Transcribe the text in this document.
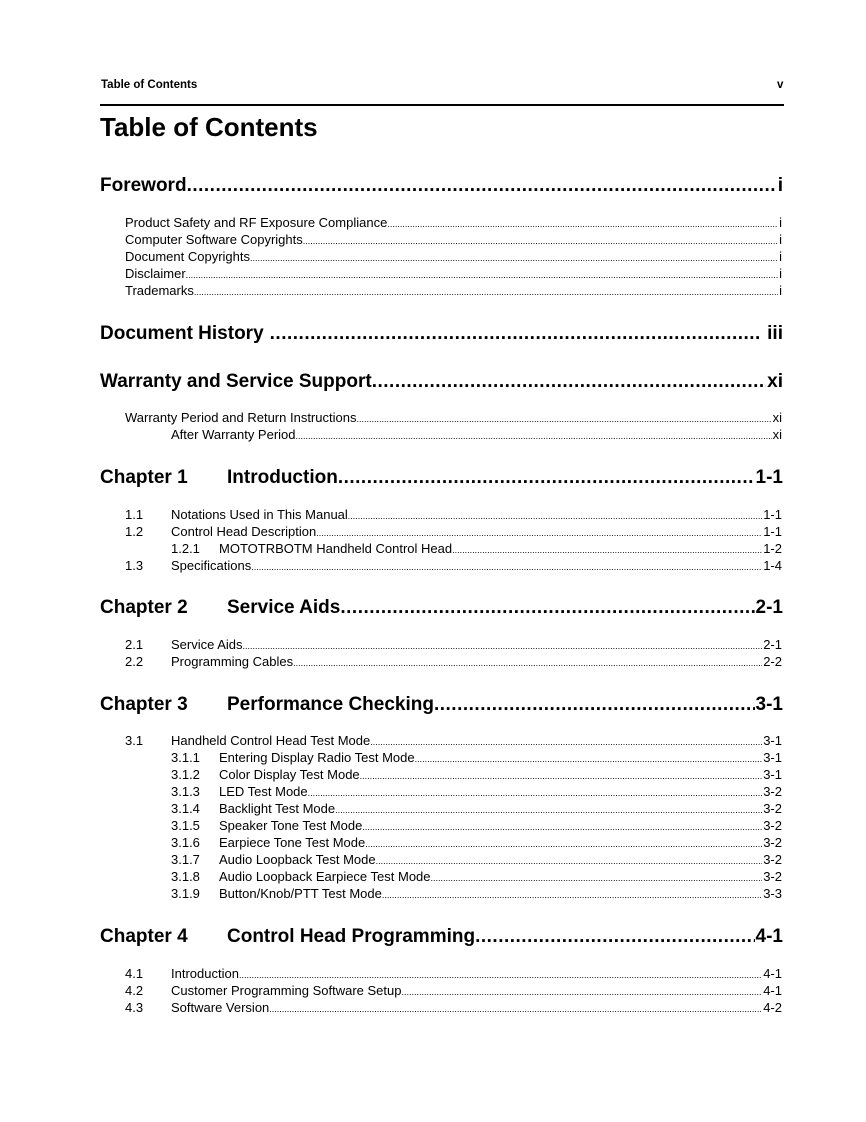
Table of Contents	v
Table of Contents
Foreword .....	i
Product Safety and RF Exposure Compliance .....	i
Computer Software Copyrights .....	i
Document Copyrights .....	i
Disclaimer .....	i
Trademarks .....	i
Document History .....	iii
Warranty and Service Support .....	xi
Warranty Period and Return Instructions .....	xi
After Warranty Period .....	xi
Chapter 1	Introduction .....	1-1
1.1	Notations Used in This Manual .....	1-1
1.2	Control Head Description .....	1-1
1.2.1	MOTOTRBOTM Handheld Control Head .....	1-2
1.3	Specifications .....	1-4
Chapter 2	Service Aids .....	2-1
2.1	Service Aids .....	2-1
2.2	Programming Cables .....	2-2
Chapter 3	Performance Checking .....	3-1
3.1	Handheld Control Head Test Mode .....	3-1
3.1.1	Entering Display Radio Test Mode .....	3-1
3.1.2	Color Display Test Mode .....	3-1
3.1.3	LED Test Mode .....	3-2
3.1.4	Backlight Test Mode .....	3-2
3.1.5	Speaker Tone Test Mode .....	3-2
3.1.6	Earpiece Tone Test Mode .....	3-2
3.1.7	Audio Loopback Test Mode .....	3-2
3.1.8	Audio Loopback Earpiece Test Mode .....	3-2
3.1.9	Button/Knob/PTT Test Mode .....	3-3
Chapter 4	Control Head Programming .....	4-1
4.1	Introduction .....	4-1
4.2	Customer Programming Software Setup .....	4-1
4.3	Software Version .....	4-2
